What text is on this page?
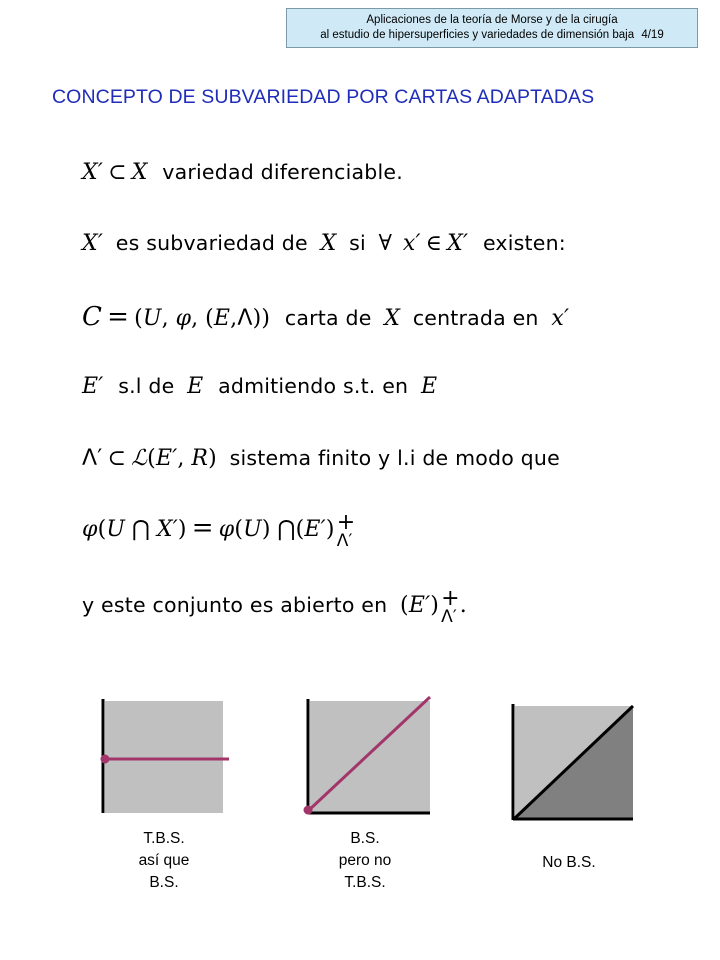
Aplicaciones de la teoría de Morse y de la cirugía
al estudio de hipersuperficies y variedades de dimensión baja 4/19
CONCEPTO DE SUBVARIEDAD POR CARTAS ADAPTADAS
X′ ⊂ X variedad diferenciable.
X′ es subvariedad de X si ∀ x′ ∈ X′ existen:
C = (U, φ, (E,Λ)) carta de X centrada en x′
E′ s.l de E admitiendo s.t. en E
Λ′ ⊂ ℒ(E′, R) sistema finito y l.i de modo que
φ(U ⋂ X′) = φ(U) ⋂(E′) +
Λ′
y este conjunto es abierto en (E′) +
Λ′ .
T.B.S.
así que
B.S.
B.S.
pero no
T.B.S.
No B.S.
